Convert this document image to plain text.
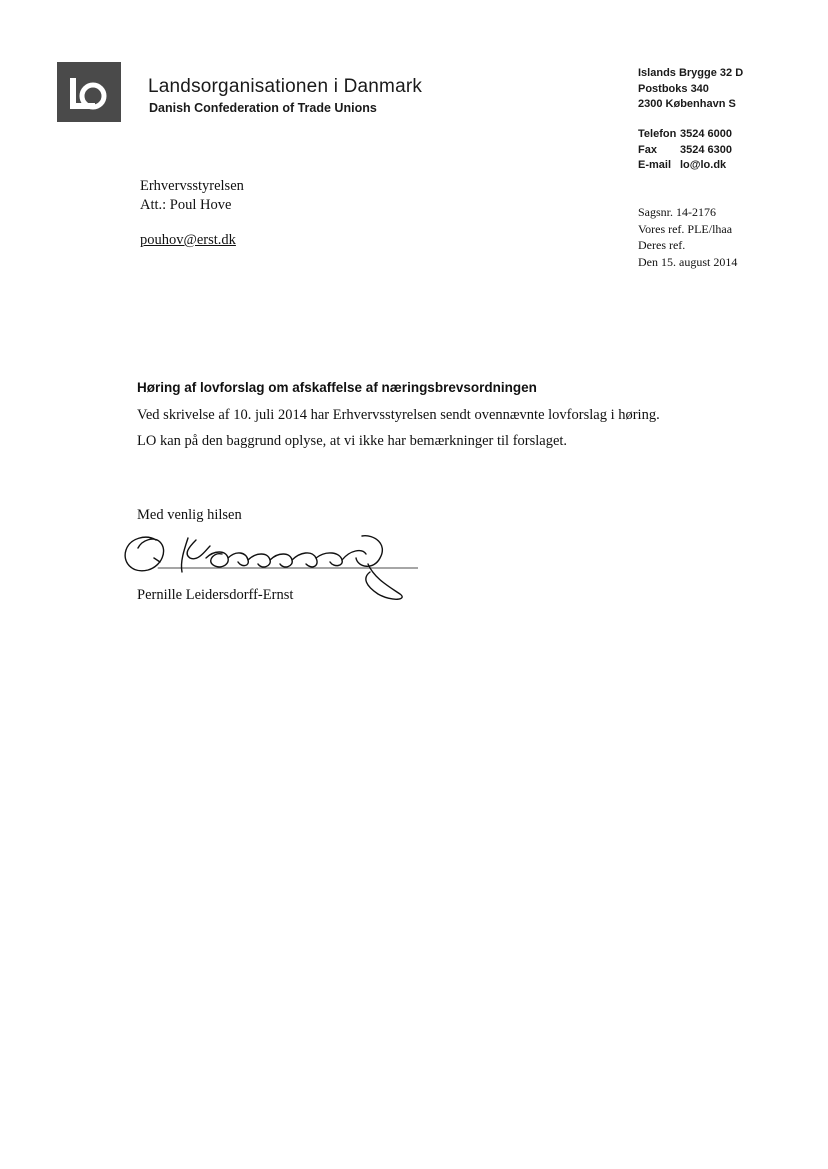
Landsorganisationen i Danmark
Danish Confederation of Trade Unions
Islands Brygge 32 D
Postboks 340
2300 København S
Telefon 3524 6000
Fax	3524 6300
E-mail lo@lo.dk
Erhvervsstyrelsen
Att.: Poul Hove
pouhov@erst.dk
Sagsnr. 14-2176
Vores ref. PLE/lhaa
Deres ref.
Den 15. august 2014
Høring af lovforslag om afskaffelse af næringsbrevsordningen

Ved skrivelse af 10. juli 2014 har Erhvervsstyrelsen sendt ovennævnte lovforslag i høring.

LO kan på den baggrund oplyse, at vi ikke har bemærkninger til forslaget.

Med venlig hilsen
Pernille Leidersdorff-Ernst
